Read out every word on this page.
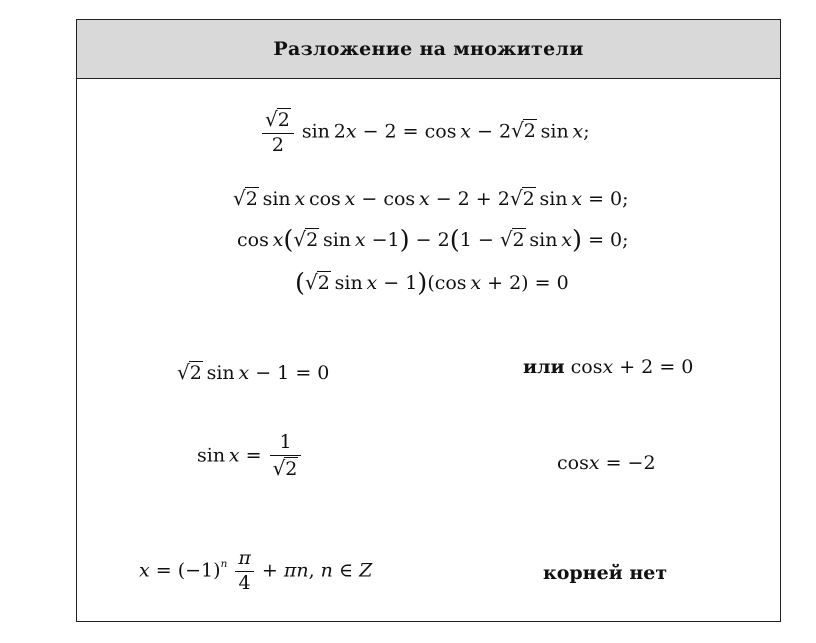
Разложение на множители
$\frac{√2}{2}$ sin 2x − 2 = cos x − 2√2 sin x;
√2 sin x cos x − cos x − 2 + 2√2 sin x = 0;
cos x(√2 sin x −1) − 2(1 − √2 sin x) = 0;
(√2 sin x − 1)(cos x + 2) = 0
√2 sin x − 1 = 0
$\sin x = \frac{1}{√2}$
$x = (-1)^n \frac{\pi}{4} + \pi n$, n ∈ Z
или cosx + 2 = 0
cosx = −2
корней нет
